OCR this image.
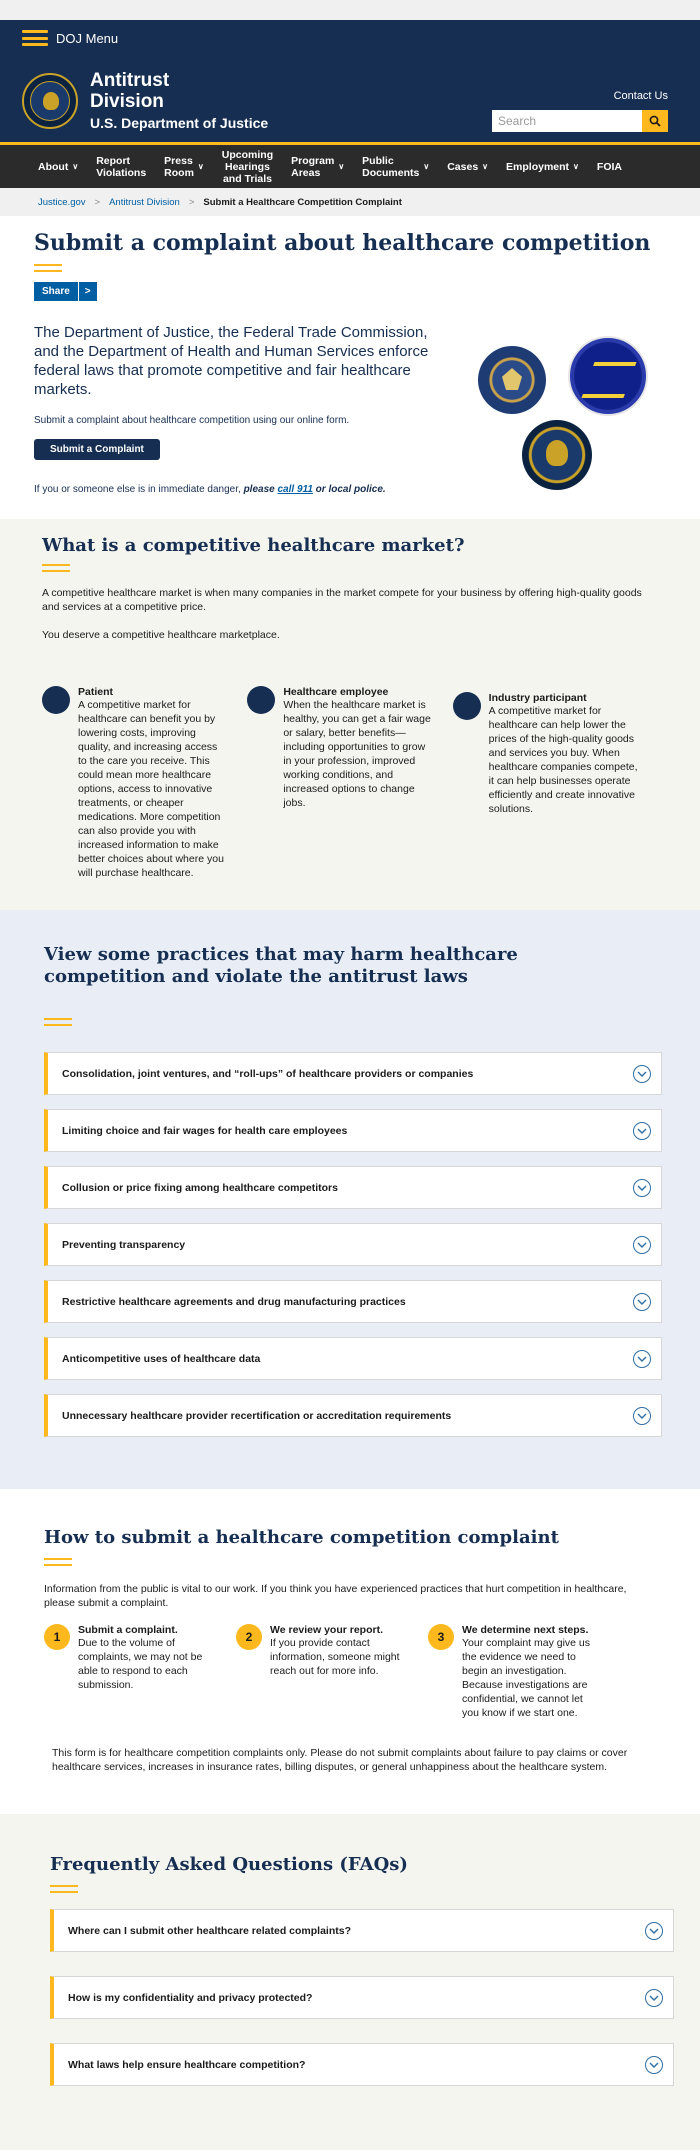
DOJ Menu
Antitrust
Division
U.S. Department of Justice
Contact Us
Search
About ∨ Report
Violations
Press
Room
∨
Upcoming
Hearings
and Trials
Program
Areas
∨ Public
Documents
∨ Cases ∨ Employment ∨ FOIA
Justice.gov > Antitrust Division > Submit a Healthcare Competition Complaint
Submit a complaint about healthcare competition
Share	>

The Department of Justice, the Federal Trade Commission, and the Department of Health and Human Services enforce federal laws that promote competitive and fair healthcare markets.

Submit a complaint about healthcare competition using our online form.

Submit a Complaint

If you or someone else is in immediate danger, please call 911 or local police.

What is a competitive healthcare market?

A competitive healthcare market is when many companies in the market compete for your business by offering high-quality goods and services at a competitive price.

You deserve a competitive healthcare marketplace.

Patient
A competitive market for healthcare can benefit you by lowering costs, improving quality, and increasing access to the care you receive. This could mean more healthcare options, access to innovative treatments, or cheaper medications. More competition can also provide you with increased information to make better choices about where you will purchase healthcare.
Healthcare employee
When the healthcare market is healthy, you can get a fair wage or salary, better benefits—including opportunities to grow in your profession, improved working conditions, and increased options to change jobs.
Industry participant
A competitive market for healthcare can help lower the prices of the high-quality goods and services you buy. When healthcare companies compete, it can help businesses operate efficiently and create innovative solutions.
View some practices that may harm healthcare competition and violate the antitrust laws
Consolidation, joint ventures, and “roll-ups” of healthcare providers or companies
Limiting choice and fair wages for health care employees
Collusion or price fixing among healthcare competitors
Preventing transparency
Restrictive healthcare agreements and drug manufacturing practices
Anticompetitive uses of healthcare data
Unnecessary healthcare provider recertification or accreditation requirements
How to submit a healthcare competition complaint

Information from the public is vital to our work. If you think you have experienced practices that hurt competition in healthcare, please submit a complaint.

1	Submit a complaint.
Due to the volume of complaints, we may not be able to respond to each submission.
2	We review your report.
If you provide contact information, someone might reach out for more info.
3	We determine next steps.
Your complaint may give us the evidence we need to begin an investigation. Because investigations are confidential, we cannot let you know if we start one.

This form is for healthcare competition complaints only. Please do not submit complaints about failure to pay claims or cover healthcare services, increases in insurance rates, billing disputes, or general unhappiness about the healthcare system.

Frequently Asked Questions (FAQs)
Where can I submit other healthcare related complaints?
How is my confidentiality and privacy protected?
What laws help ensure healthcare competition?
